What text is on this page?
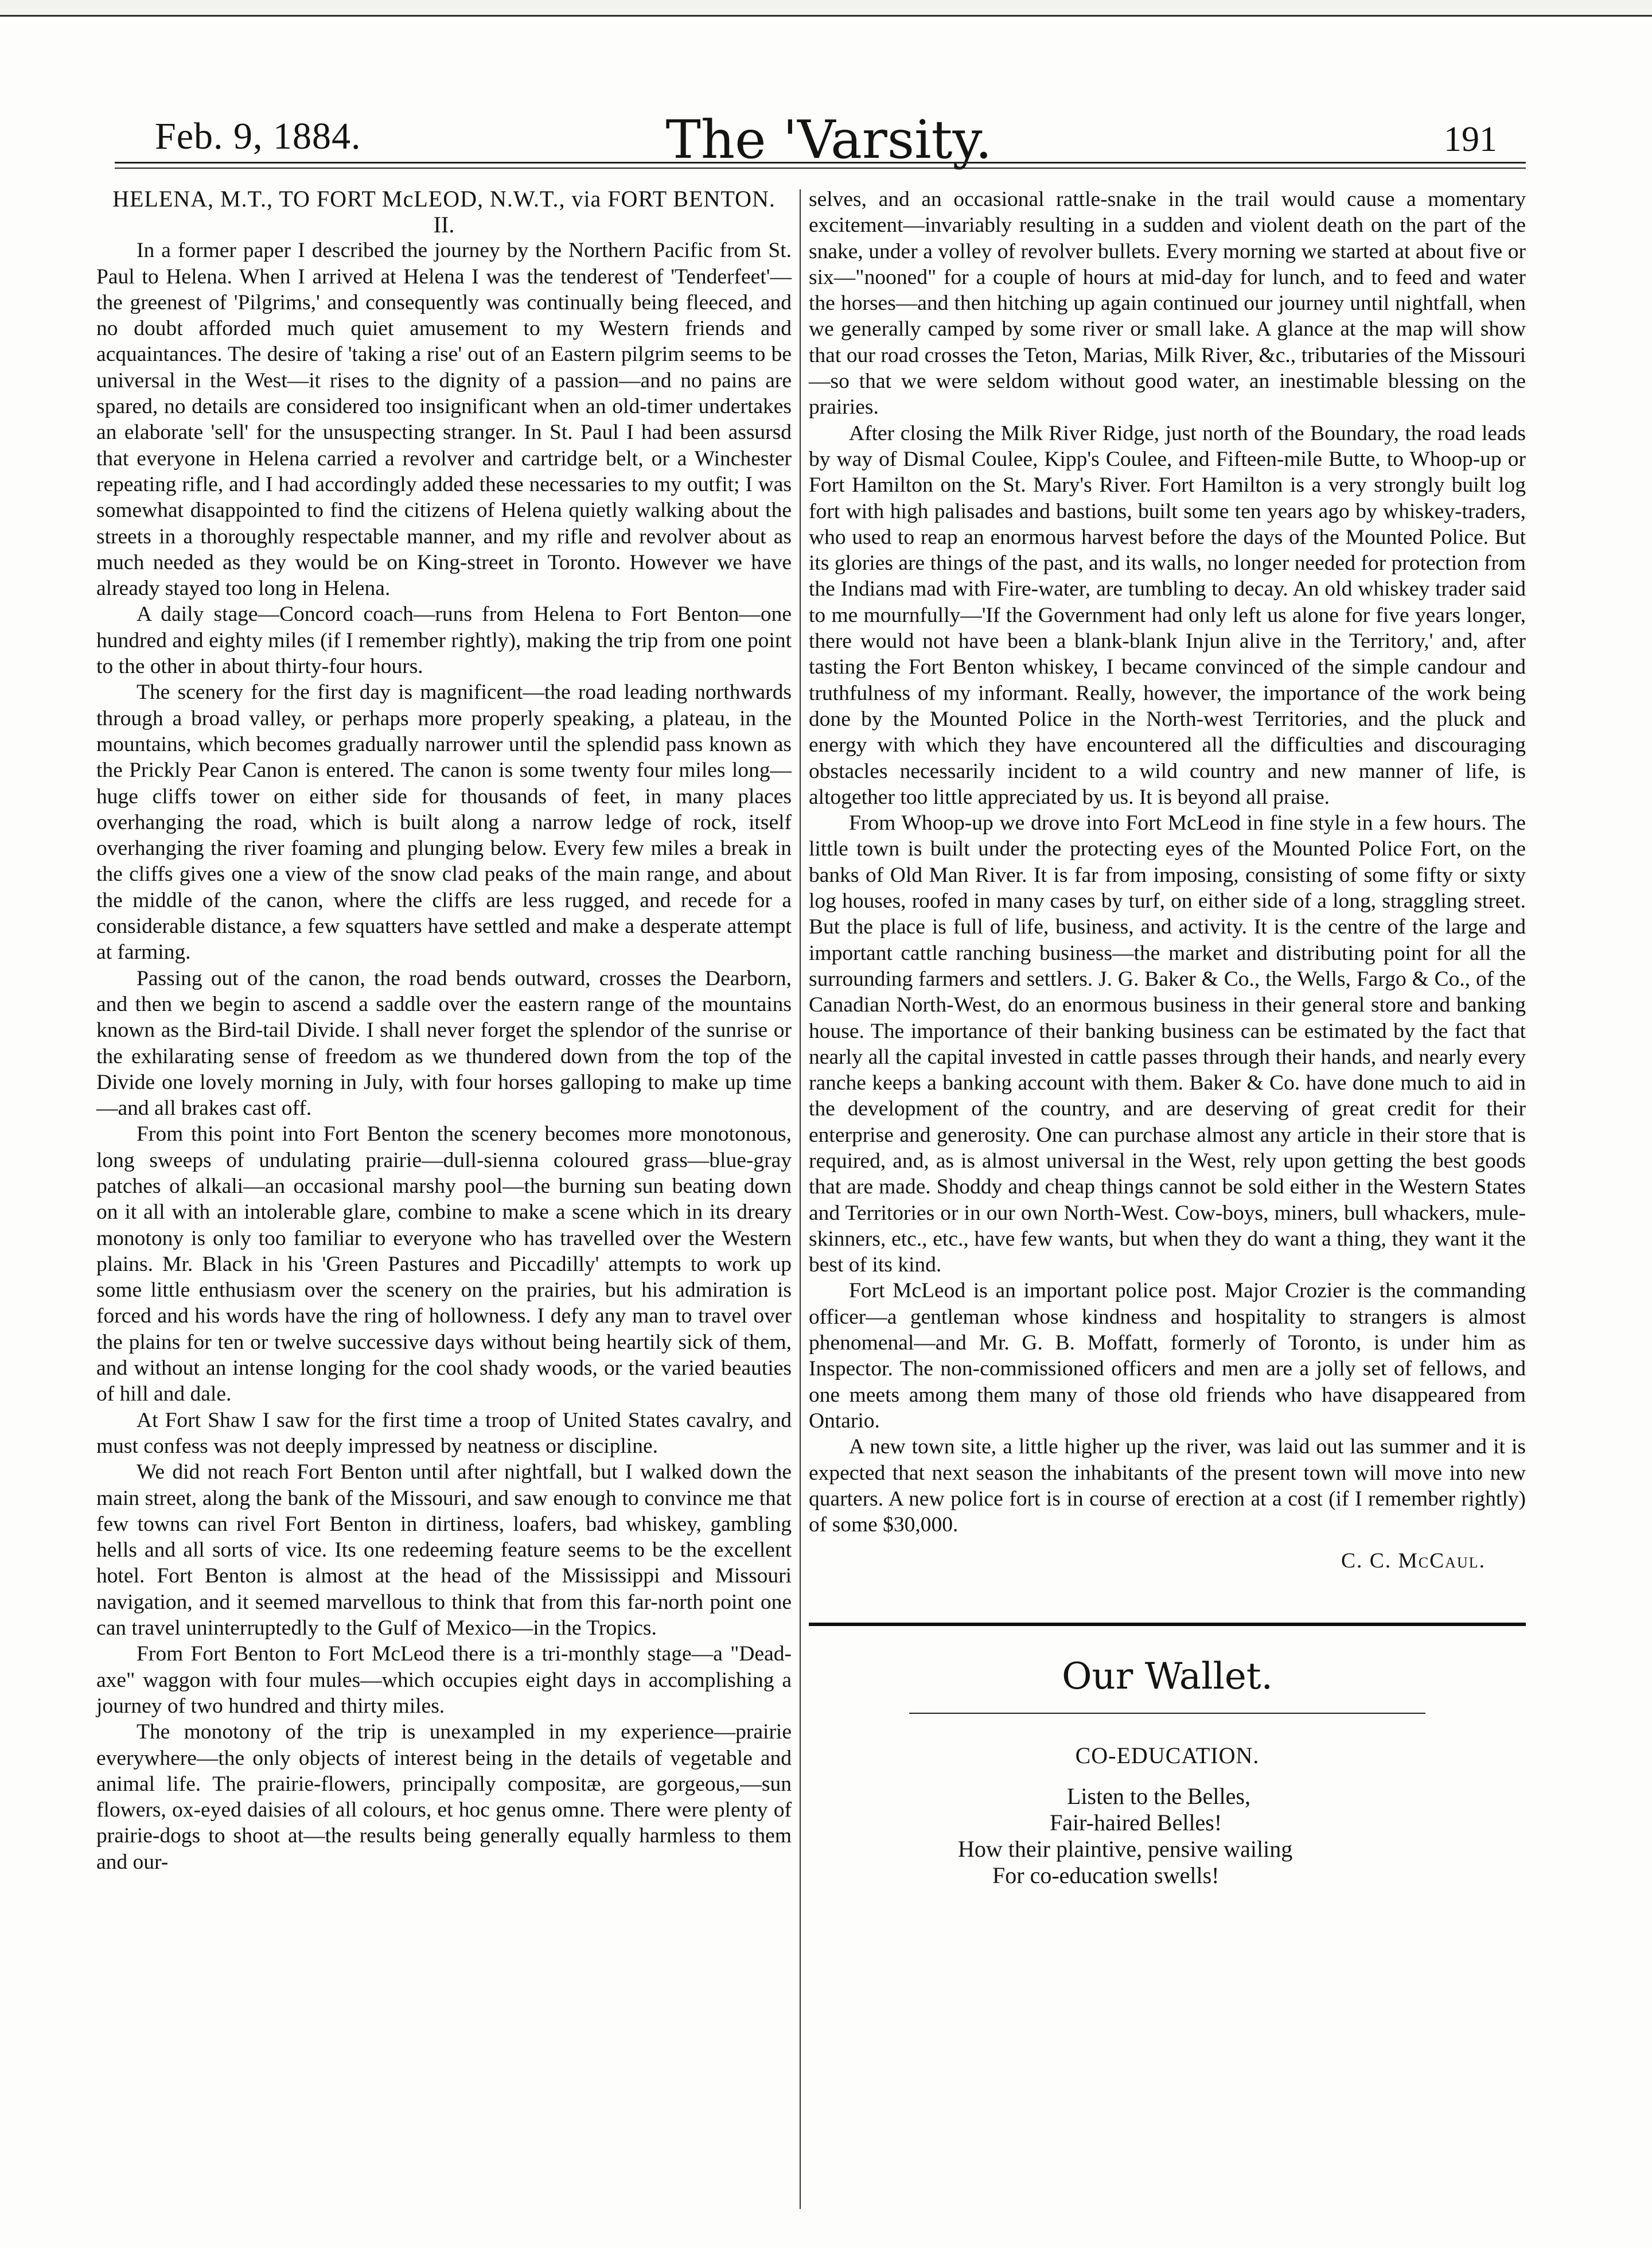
Feb. 9, 1884.	The 'Varsity.	191

HELENA, M.T., TO FORT McLEOD, N.W.T., via FORT BENTON.

II.

In a former paper I described the journey by the Northern Pacific from St. Paul to Helena. When I arrived at Helena I was the tenderest of 'Tenderfeet'—the greenest of 'Pilgrims,' and consequently was continually being fleeced, and no doubt afforded much quiet amusement to my Western friends and acquaintances. The desire of 'taking a rise' out of an Eastern pilgrim seems to be universal in the West—it rises to the dignity of a passion—and no pains are spared, no details are considered too insignificant when an old-timer undertakes an elaborate 'sell' for the unsuspecting stranger. In St. Paul I had been assursd that everyone in Helena carried a revolver and cartridge belt, or a Winchester repeating rifle, and I had accordingly added these necessaries to my outfit; I was somewhat disappointed to find the citizens of Helena quietly walking about the streets in a thoroughly respectable manner, and my rifle and revolver about as much needed as they would be on King-street in Toronto. However we have already stayed too long in Helena.

A daily stage—Concord coach—runs from Helena to Fort Benton—one hundred and eighty miles (if I remember rightly), making the trip from one point to the other in about thirty-four hours.

The scenery for the first day is magnificent—the road leading northwards through a broad valley, or perhaps more properly speaking, a plateau, in the mountains, which becomes gradually narrower until the splendid pass known as the Prickly Pear Canon is entered. The canon is some twenty four miles long—huge cliffs tower on either side for thousands of feet, in many places overhanging the road, which is built along a narrow ledge of rock, itself overhanging the river foaming and plunging below. Every few miles a break in the cliffs gives one a view of the snow clad peaks of the main range, and about the middle of the canon, where the cliffs are less rugged, and recede for a considerable distance, a few squatters have settled and make a desperate attempt at farming.

Passing out of the canon, the road bends outward, crosses the Dearborn, and then we begin to ascend a saddle over the eastern range of the mountains known as the Bird-tail Divide. I shall never forget the splendor of the sunrise or the exhilarating sense of freedom as we thundered down from the top of the Divide one lovely morning in July, with four horses galloping to make up time—and all brakes cast off.

From this point into Fort Benton the scenery becomes more monotonous, long sweeps of undulating prairie—dull-sienna coloured grass—blue-gray patches of alkali—an occasional marshy pool—the burning sun beating down on it all with an intolerable glare, combine to make a scene which in its dreary monotony is only too familiar to everyone who has travelled over the Western plains. Mr. Black in his 'Green Pastures and Piccadilly' attempts to work up some little enthusiasm over the scenery on the prairies, but his admiration is forced and his words have the ring of hollowness. I defy any man to travel over the plains for ten or twelve successive days without being heartily sick of them, and without an intense longing for the cool shady woods, or the varied beauties of hill and dale.

At Fort Shaw I saw for the first time a troop of United States cavalry, and must confess was not deeply impressed by neatness or discipline.

We did not reach Fort Benton until after nightfall, but I walked down the main street, along the bank of the Missouri, and saw enough to convince me that few towns can rivel Fort Benton in dirtiness, loafers, bad whiskey, gambling hells and all sorts of vice. Its one redeeming feature seems to be the excellent hotel. Fort Benton is almost at the head of the Mississippi and Missouri navigation, and it seemed marvellous to think that from this far-north point one can travel uninterruptedly to the Gulf of Mexico—in the Tropics.

From Fort Benton to Fort McLeod there is a tri-monthly stage—a "Dead-axe" waggon with four mules—which occupies eight days in accomplishing a journey of two hundred and thirty miles.

The monotony of the trip is unexampled in my experience—prairie everywhere—the only objects of interest being in the details of vegetable and animal life. The prairie-flowers, principally compositæ, are gorgeous,—sun flowers, ox-eyed daisies of all colours, et hoc genus omne. There were plenty of prairie-dogs to shoot at—the results being generally equally harmless to them and our-

selves, and an occasional rattle-snake in the trail would cause a momentary excitement—invariably resulting in a sudden and violent death on the part of the snake, under a volley of revolver bullets. Every morning we started at about five or six—"nooned" for a couple of hours at mid-day for lunch, and to feed and water the horses—and then hitching up again continued our journey until nightfall, when we generally camped by some river or small lake. A glance at the map will show that our road crosses the Teton, Marias, Milk River, &c., tributaries of the Missouri—so that we were seldom without good water, an inestimable blessing on the prairies.

After closing the Milk River Ridge, just north of the Boundary, the road leads by way of Dismal Coulee, Kipp's Coulee, and Fifteen-mile Butte, to Whoop-up or Fort Hamilton on the St. Mary's River. Fort Hamilton is a very strongly built log fort with high palisades and bastions, built some ten years ago by whiskey-traders, who used to reap an enormous harvest before the days of the Mounted Police. But its glories are things of the past, and its walls, no longer needed for protection from the Indians mad with Fire-water, are tumbling to decay. An old whiskey trader said to me mournfully—'If the Government had only left us alone for five years longer, there would not have been a blank-blank Injun alive in the Territory,' and, after tasting the Fort Benton whiskey, I became convinced of the simple candour and truthfulness of my informant. Really, however, the importance of the work being done by the Mounted Police in the North-west Territories, and the pluck and energy with which they have encountered all the difficulties and discouraging obstacles necessarily incident to a wild country and new manner of life, is altogether too little appreciated by us. It is beyond all praise.

From Whoop-up we drove into Fort McLeod in fine style in a few hours. The little town is built under the protecting eyes of the Mounted Police Fort, on the banks of Old Man River. It is far from imposing, consisting of some fifty or sixty log houses, roofed in many cases by turf, on either side of a long, straggling street. But the place is full of life, business, and activity. It is the centre of the large and important cattle ranching business—the market and distributing point for all the surrounding farmers and settlers. J. G. Baker & Co., the Wells, Fargo & Co., of the Canadian North-West, do an enormous business in their general store and banking house. The importance of their banking business can be estimated by the fact that nearly all the capital invested in cattle passes through their hands, and nearly every ranche keeps a banking account with them. Baker & Co. have done much to aid in the development of the country, and are deserving of great credit for their enterprise and generosity. One can purchase almost any article in their store that is required, and, as is almost universal in the West, rely upon getting the best goods that are made. Shoddy and cheap things cannot be sold either in the Western States and Territories or in our own North-West. Cow-boys, miners, bull whackers, mule-skinners, etc., etc., have few wants, but when they do want a thing, they want it the best of its kind.

Fort McLeod is an important police post. Major Crozier is the commanding officer—a gentleman whose kindness and hospitality to strangers is almost phenomenal—and Mr. G. B. Moffatt, formerly of Toronto, is under him as Inspector. The non-commissioned officers and men are a jolly set of fellows, and one meets among them many of those old friends who have disappeared from Ontario.

A new town site, a little higher up the river, was laid out las summer and it is expected that next season the inhabitants of the present town will move into new quarters. A new police fort is in course of erection at a cost (if I remember rightly) of some $30,000.

C. C. McCaul.

Our Wallet.
CO-EDUCATION.
Listen to the Belles,
Fair-haired Belles!
How their plaintive, pensive wailing
For co-education swells!
